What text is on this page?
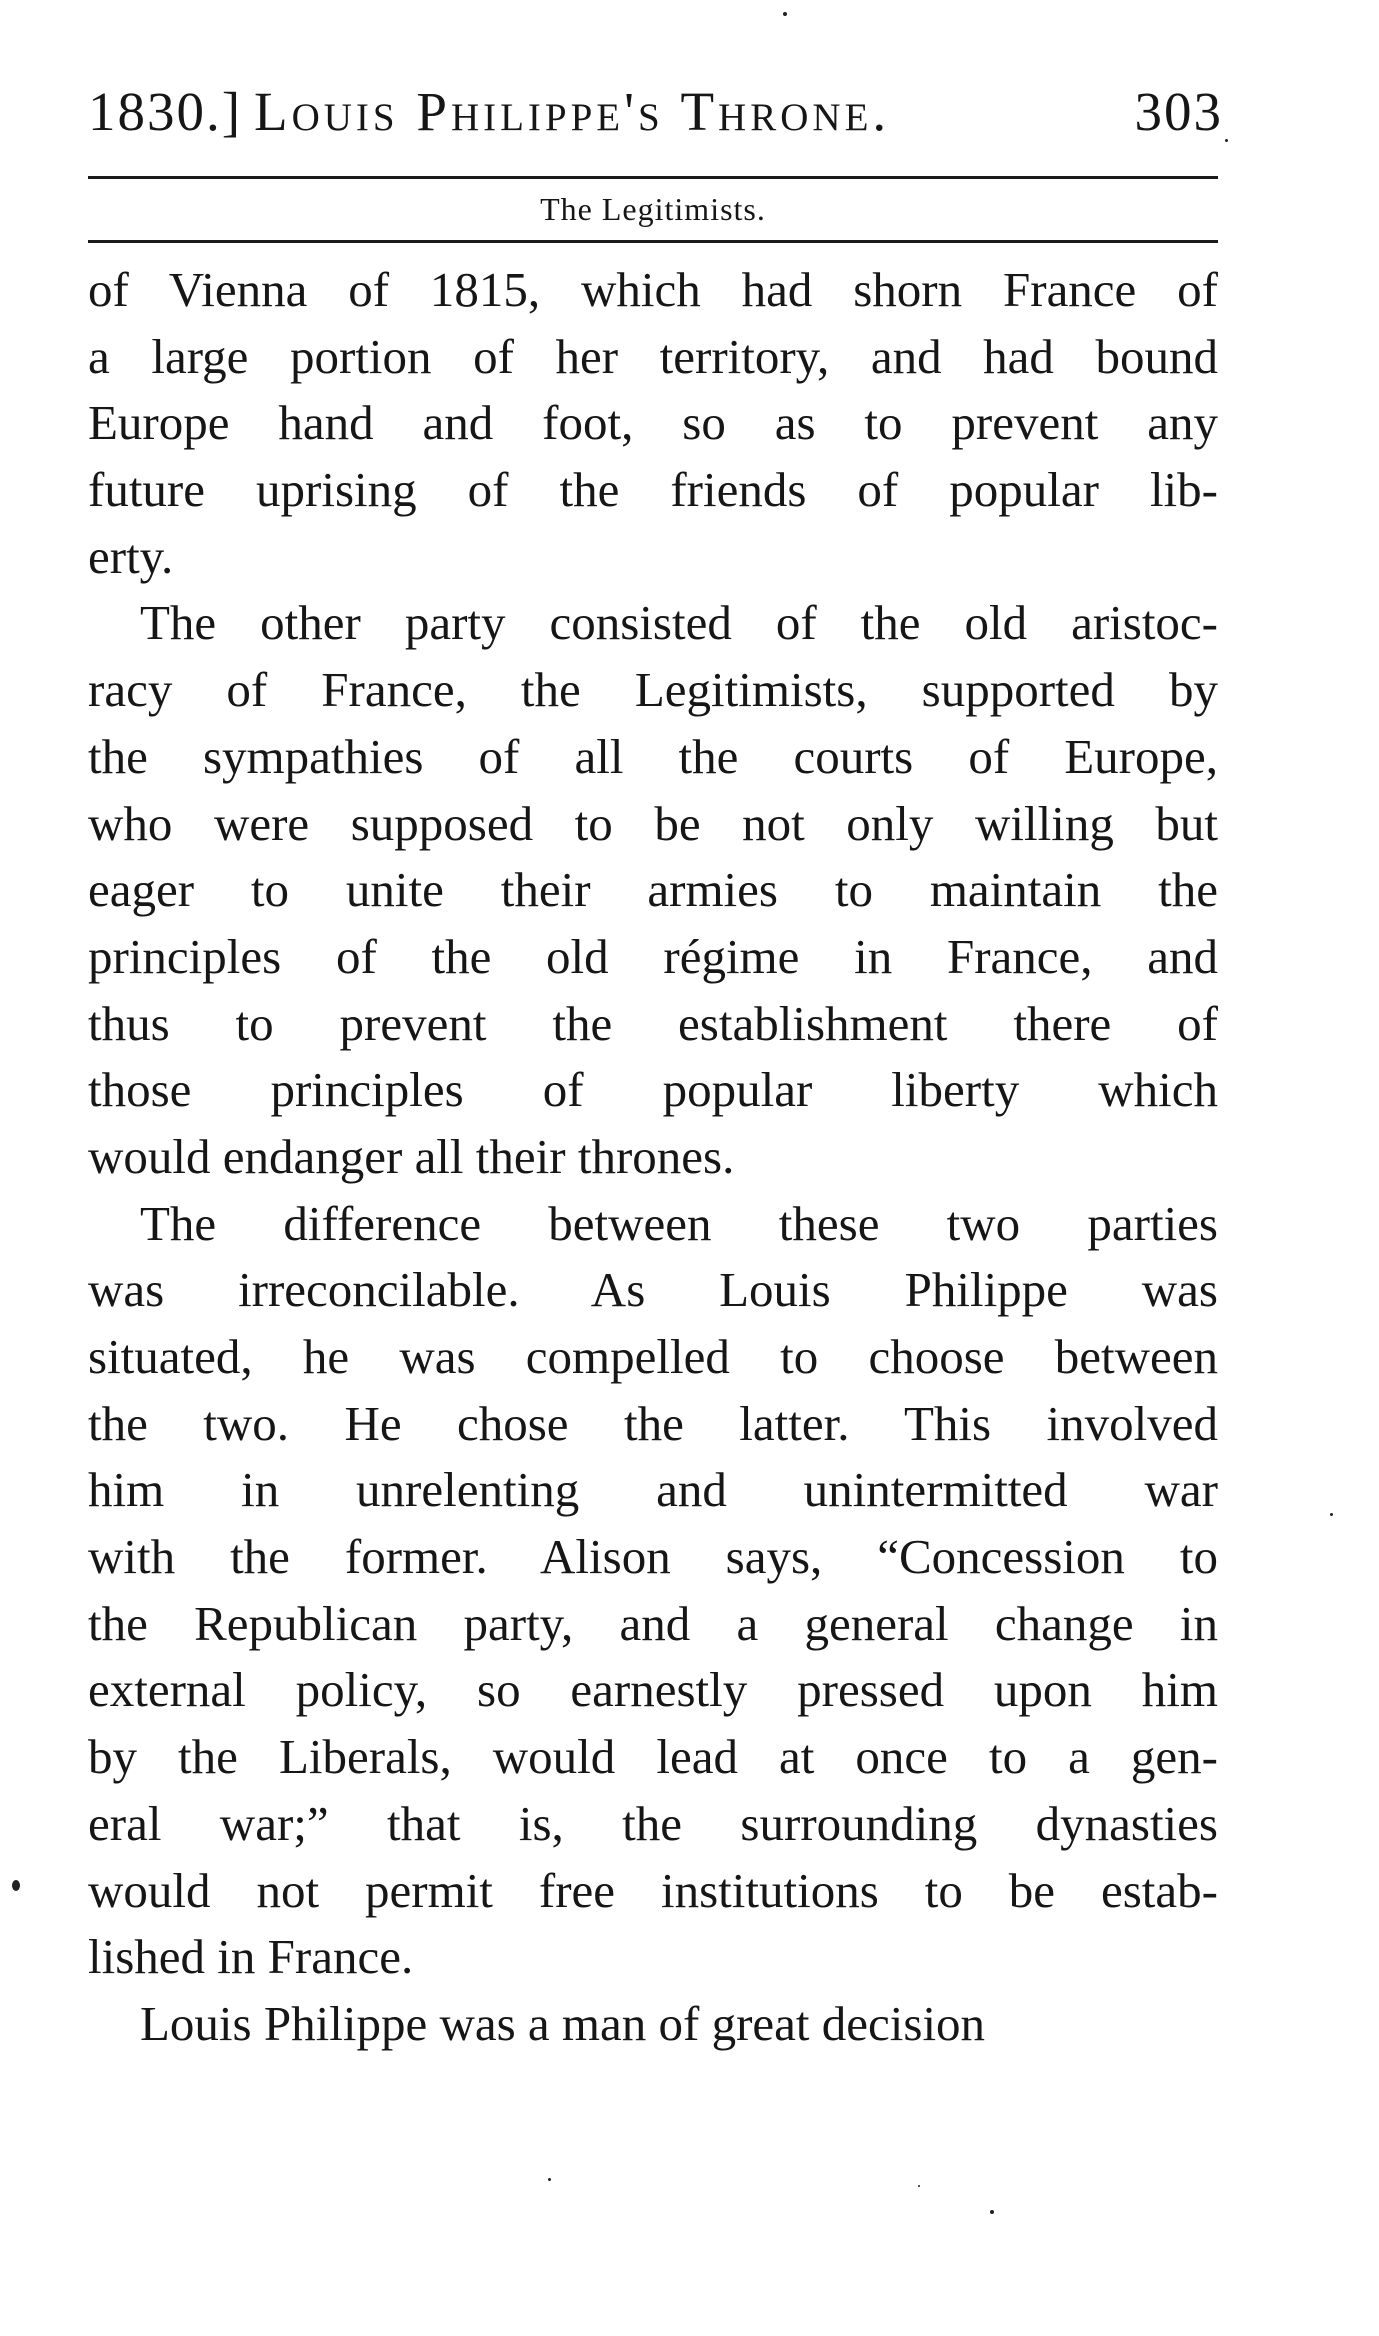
1830.] Louis Philippe's Throne.	303
The Legitimists.
of Vienna of 1815, which had shorn France of
a large portion of her territory, and had bound
Europe hand and foot, so as to prevent any
future uprising of the friends of popular lib-
erty.
The other party consisted of the old aristoc-
racy of France, the Legitimists, supported by
the sympathies of all the courts of Europe,
who were supposed to be not only willing but
eager to unite their armies to maintain the
principles of the old régime in France, and
thus to prevent the establishment there of
those principles of popular liberty which
would endanger all their thrones.
The difference between these two parties
was irreconcilable. As Louis Philippe was
situated, he was compelled to choose between
the two. He chose the latter. This involved
him in unrelenting and unintermitted war
with the former. Alison says, “Concession to
the Republican party, and a general change in
external policy, so earnestly pressed upon him
by the Liberals, would lead at once to a gen-
eral war;” that is, the surrounding dynasties
would not permit free institutions to be estab-
lished in France.
Louis Philippe was a man of great decision
